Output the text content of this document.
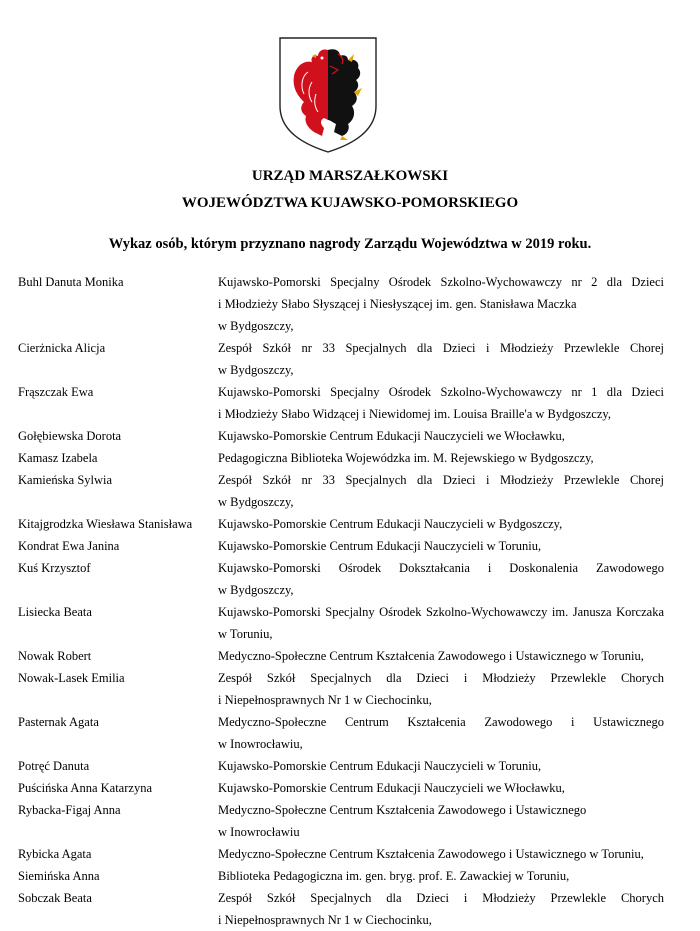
URZĄD MARSZAŁKOWSKI
WOJEWÓDZTWA KUJAWSKO-POMORSKIEGO
Wykaz osób, którym przyznano nagrody Zarządu Województwa w 2019 roku.
Buhl Danuta Monika	Kujawsko-Pomorski Specjalny Ośrodek Szkolno-Wychowawczy nr 2 dla Dzieci
i Młodzieży Słabo Słyszącej i Niesłyszącej im. gen. Stanisława Maczka
w Bydgoszczy,
Cierżnicka Alicja	Zespół Szkół nr 33 Specjalnych dla Dzieci i Młodzieży Przewlekle Chorej
w Bydgoszczy,
Frąszczak Ewa	Kujawsko-Pomorski Specjalny Ośrodek Szkolno-Wychowawczy nr 1 dla Dzieci
i Młodzieży Słabo Widzącej i Niewidomej im. Louisa Braille'a w Bydgoszczy,
Gołębiewska Dorota	Kujawsko-Pomorskie Centrum Edukacji Nauczycieli we Włocławku,
Kamasz Izabela	Pedagogiczna Biblioteka Wojewódzka im. M. Rejewskiego w Bydgoszczy,
Kamieńska Sylwia	Zespół Szkół nr 33 Specjalnych dla Dzieci i Młodzieży Przewlekle Chorej
w Bydgoszczy,
Kitajgrodzka Wiesława Stanisława	Kujawsko-Pomorskie Centrum Edukacji Nauczycieli w Bydgoszczy,
Kondrat Ewa Janina	Kujawsko-Pomorskie Centrum Edukacji Nauczycieli w Toruniu,
Kuś Krzysztof	Kujawsko-Pomorski Ośrodek Dokształcania i Doskonalenia Zawodowego
w Bydgoszczy,
Lisiecka Beata	Kujawsko-Pomorski Specjalny Ośrodek Szkolno-Wychowawczy im. Janusza Korczaka
w Toruniu,
Nowak Robert	Medyczno-Społeczne Centrum Kształcenia Zawodowego i Ustawicznego w Toruniu,
Nowak-Lasek Emilia	Zespół Szkół Specjalnych dla Dzieci i Młodzieży Przewlekle Chorych
i Niepełnosprawnych Nr 1 w Ciechocinku,
Pasternak Agata	Medyczno-Społeczne Centrum Kształcenia Zawodowego i Ustawicznego
w Inowrocławiu,
Potręć Danuta	Kujawsko-Pomorskie Centrum Edukacji Nauczycieli w Toruniu,
Puścińska Anna Katarzyna	Kujawsko-Pomorskie Centrum Edukacji Nauczycieli we Włocławku,
Rybacka-Figaj Anna	Medyczno-Społeczne Centrum Kształcenia Zawodowego i Ustawicznego
w Inowrocławiu
Rybicka Agata	Medyczno-Społeczne Centrum Kształcenia Zawodowego i Ustawicznego w Toruniu,
Siemińska Anna	Biblioteka Pedagogiczna im. gen. bryg. prof. E. Zawackiej w Toruniu,
Sobczak Beata	Zespół Szkół Specjalnych dla Dzieci i Młodzieży Przewlekle Chorych
i Niepełnosprawnych Nr 1 w Ciechocinku,
